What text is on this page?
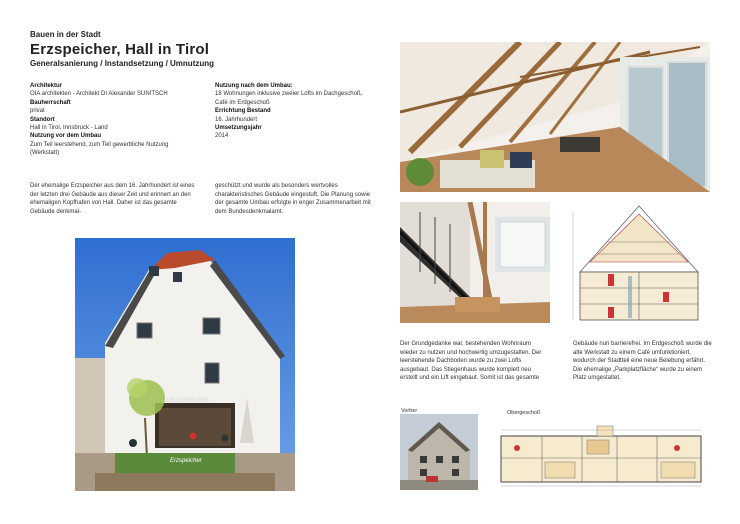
Bauen in der Stadt
Erzspeicher, Hall in Tirol
Generalsanierung / Instandsetzung / Umnutzung
Architektur
OIA architekten - Architekt DI Alexander SUNITSCH
Bauherrschaft
privat
Standort
Hall in Tirol, Innsbruck - Land
Nutzung vor dem Umbau
Zum Teil leerstehend, zum Teil gewerbliche Nutzung (Werkstatt)
Nutzung nach dem Umbau:
18 Wohnungen inklusive zweier Lofts im Dachgeschoß, Café im Erdgeschoß
Errichtung Bestand
16. Jahrhundert
Umsetzungsjahr
2014
Der ehemalige Erzspeicher aus dem 16. Jahrhundert ist eines der letzten drei Gebäude aus dieser Zeit und erinnert an den ehemaligen Kopfhafen von Hall. Daher ist das gesamte Gebäude denkmal-
geschützt und wurde als besonders wertvolles charakteristisches Gebäude eingestuft. Die Planung sowie der gesamte Umbau erfolgte in enger Zusammenarbeit mit dem Bundesdenkmalamt.
Der Grundgedanke war, bestehenden Wohnraum wieder zu nutzen und hochwertig umzugestalten. Der leerstehende Dachboden wurde zu zwei Lofts ausgebaut. Das Stiegenhaus wurde komplett neu erstellt und ein Lift eingebaut. Somit ist das gesamte
Gebäude nun barrierefrei. Im Erdgeschoß wurde die alte Werkstatt zu einem Café umfunktioniert, wodurch der Stadtteil eine neue Belebung erfährt. Die ehemalige „Parkplatzfläche“ wurde zu einem Platz umgestaltet.
ERZSPEICHER
Erzspeicher
Vorher	Obergeschoß
